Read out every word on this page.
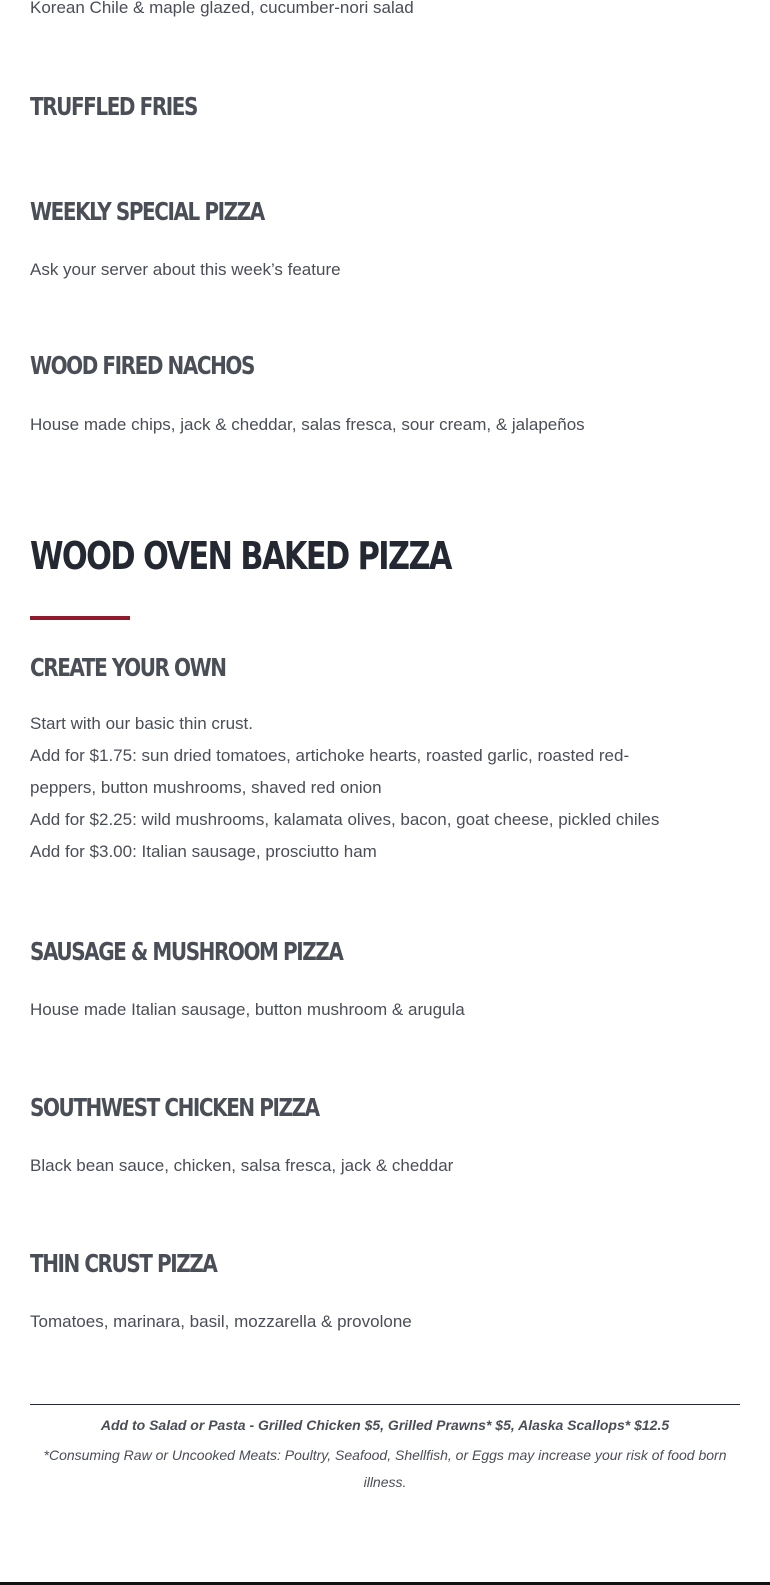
Korean Chile & maple glazed, cucumber-nori salad

TRUFFLED FRIES
WEEKLY SPECIAL PIZZA

Ask your server about this week’s feature

WOOD FIRED NACHOS

House made chips, jack & cheddar, salas fresca, sour cream, & jalapeños

WOOD OVEN BAKED PIZZA
CREATE YOUR OWN
Start with our basic thin crust.
Add for $1.75: sun dried tomatoes, artichoke hearts, roasted garlic, roasted red-
peppers, button mushrooms, shaved red onion
Add for $2.25: wild mushrooms, kalamata olives, bacon, goat cheese, pickled chiles
Add for $3.00: Italian sausage, prosciutto ham
SAUSAGE & MUSHROOM PIZZA

House made Italian sausage, button mushroom & arugula

SOUTHWEST CHICKEN PIZZA

Black bean sauce, chicken, salsa fresca, jack & cheddar

THIN CRUST PIZZA

Tomatoes, marinara, basil, mozzarella & provolone

Add to Salad or Pasta - Grilled Chicken $5, Grilled Prawns* $5, Alaska Scallops* $12.5

*Consuming Raw or Uncooked Meats: Poultry, Seafood, Shellfish, or Eggs may increase your risk of food born illness.
